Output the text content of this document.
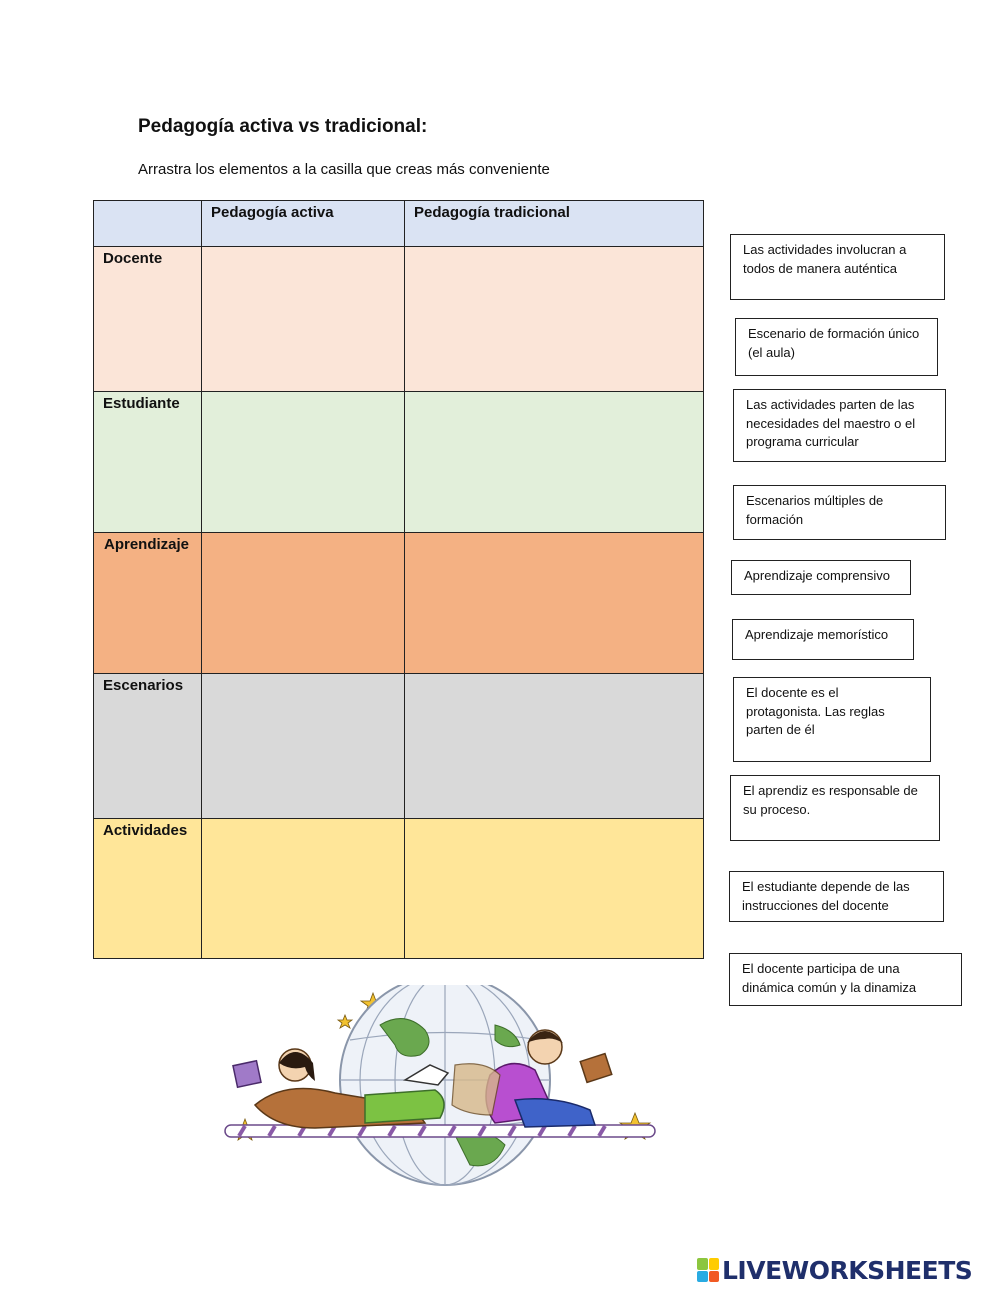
Pedagogía activa vs tradicional:
Arrastra los elementos a la casilla que creas más conveniente

	Pedagogía activa	Pedagogía tradicional

Docente		

Estudiante		

Aprendizaje		

Escenarios		

Actividades		

Las actividades involucran a todos de manera auténtica
Escenario de formación único (el aula)
Las actividades parten de las necesidades del maestro o el programa curricular
Escenarios múltiples de formación
Aprendizaje comprensivo
Aprendizaje memorístico
El docente es el protagonista. Las reglas parten de él
El aprendiz es responsable de su proceso.
El estudiante depende de las instrucciones del docente
El docente participa de una dinámica común y la dinamiza
LIVEWORKSHEETS
